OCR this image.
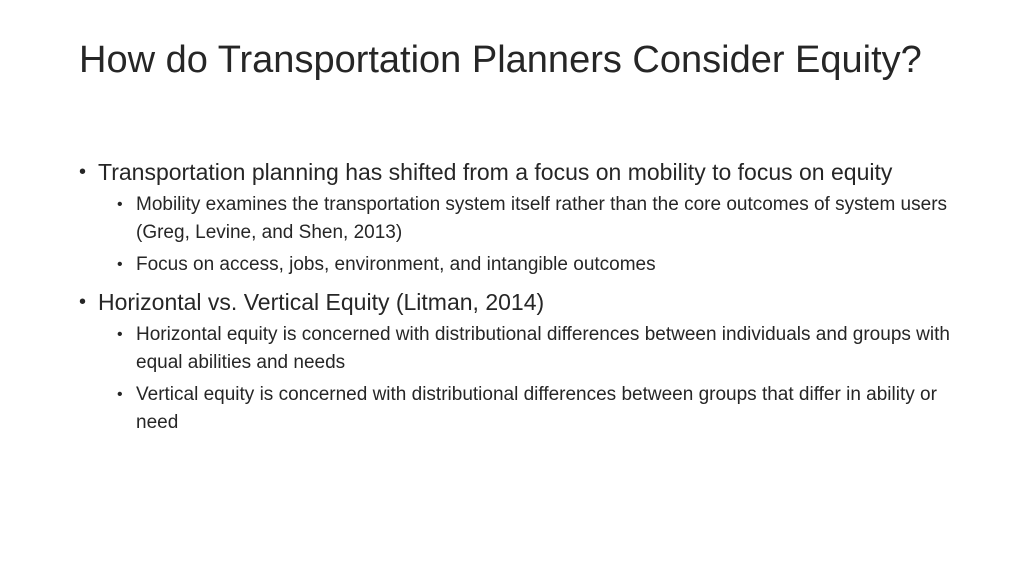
How do Transportation Planners Consider Equity?
• Transportation planning has shifted from a focus on mobility to focus on equity
• Mobility examines the transportation system itself rather than the core outcomes of system users (Greg, Levine, and Shen, 2013)
• Focus on access, jobs, environment, and intangible outcomes
• Horizontal vs. Vertical Equity (Litman, 2014)
• Horizontal equity is concerned with distributional differences between individuals and groups with equal abilities and needs
• Vertical equity is concerned with distributional differences between groups that differ in ability or need
